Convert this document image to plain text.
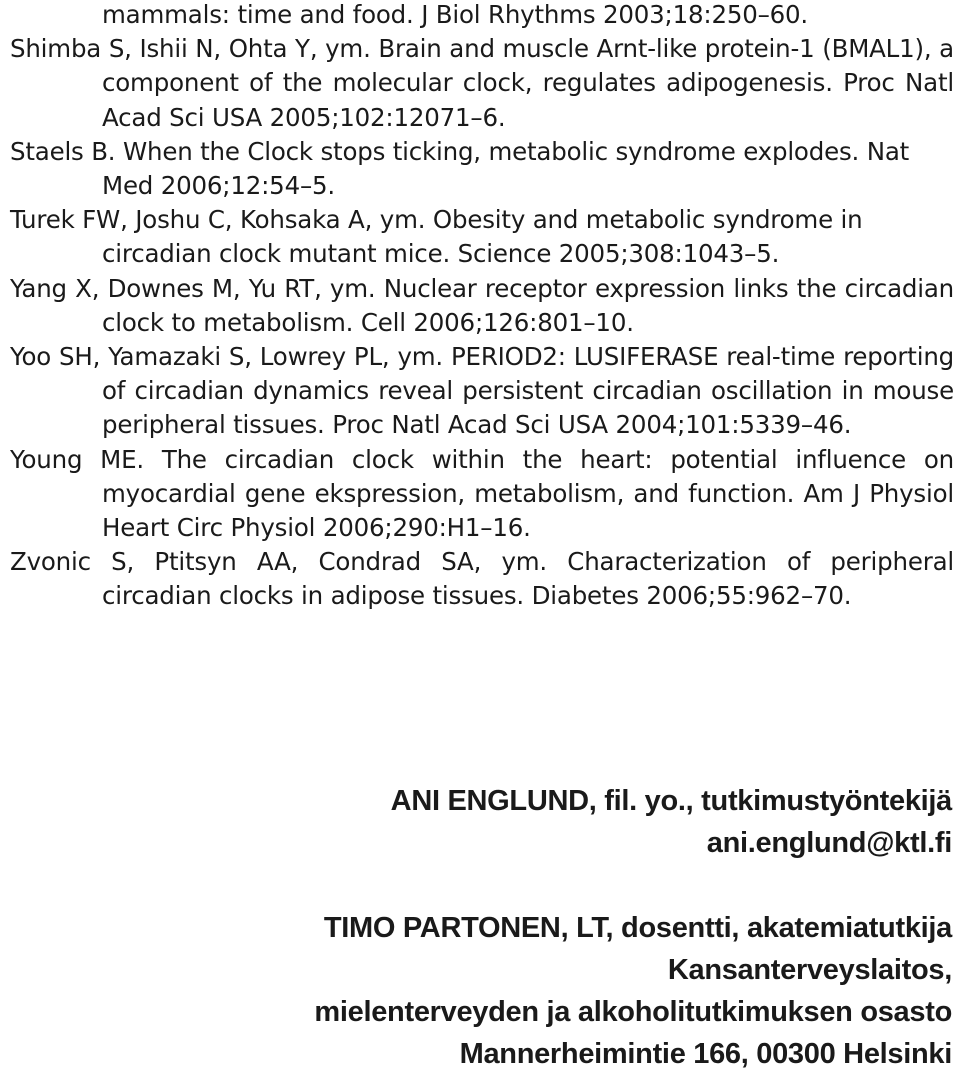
mammals: time and food. J Biol Rhythms 2003;18:250–60.

Shimba S, Ishii N, Ohta Y, ym. Brain and muscle Arnt-like protein-1 (BMAL1), a component of the molecular clock, regulates adipogenesis. Proc Natl Acad Sci USA 2005;102:12071–6.

Staels B. When the Clock stops ticking, metabolic syndrome explodes. Nat Med 2006;12:54–5.

Turek FW, Joshu C, Kohsaka A, ym. Obesity and metabolic syndrome in circadian clock mutant mice. Science 2005;308:1043–5.

Yang X, Downes M, Yu RT, ym. Nuclear receptor expression links the circadian clock to metabolism. Cell 2006;126:801–10.

Yoo SH, Yamazaki S, Lowrey PL, ym. PERIOD2: LUSIFERASE real-time reporting of circadian dynamics reveal persistent circadian oscillation in mouse peripheral tissues. Proc Natl Acad Sci USA 2004;101:5339–46.

Young ME. The circadian clock within the heart: potential influence on myocardial gene ekspression, metabolism, and function. Am J Physiol Heart Circ Physiol 2006;290:H1–16.

Zvonic S, Ptitsyn AA, Condrad SA, ym. Characterization of peripheral circadian clocks in adipose tissues. Diabetes 2006;55:962–70.

ANI ENGLUND, fil. yo., tutkimustyöntekijä

ani.englund@ktl.fi

TIMO PARTONEN, LT, dosentti, akatemiatutkija

Kansanterveyslaitos,

mielenterveyden ja alkoholitutkimuksen osasto

Mannerheimintie 166, 00300 Helsinki
